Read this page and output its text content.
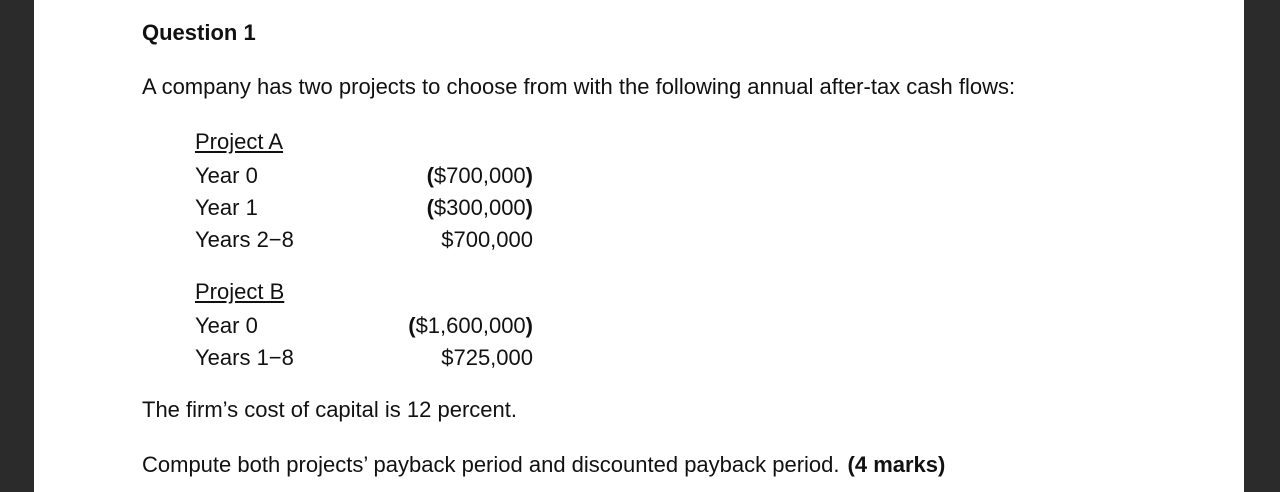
Question 1

A company has two projects to choose from with the following annual after-tax cash flows:

Project A
Year 0	($700,000)
Year 1	($300,000)
Years 2−8	$700,000
Project B
Year 0	($1,600,000)
Years 1−8	$725,000

The firm’s cost of capital is 12 percent.

Compute both projects’ payback period and discounted payback period. (4 marks)
